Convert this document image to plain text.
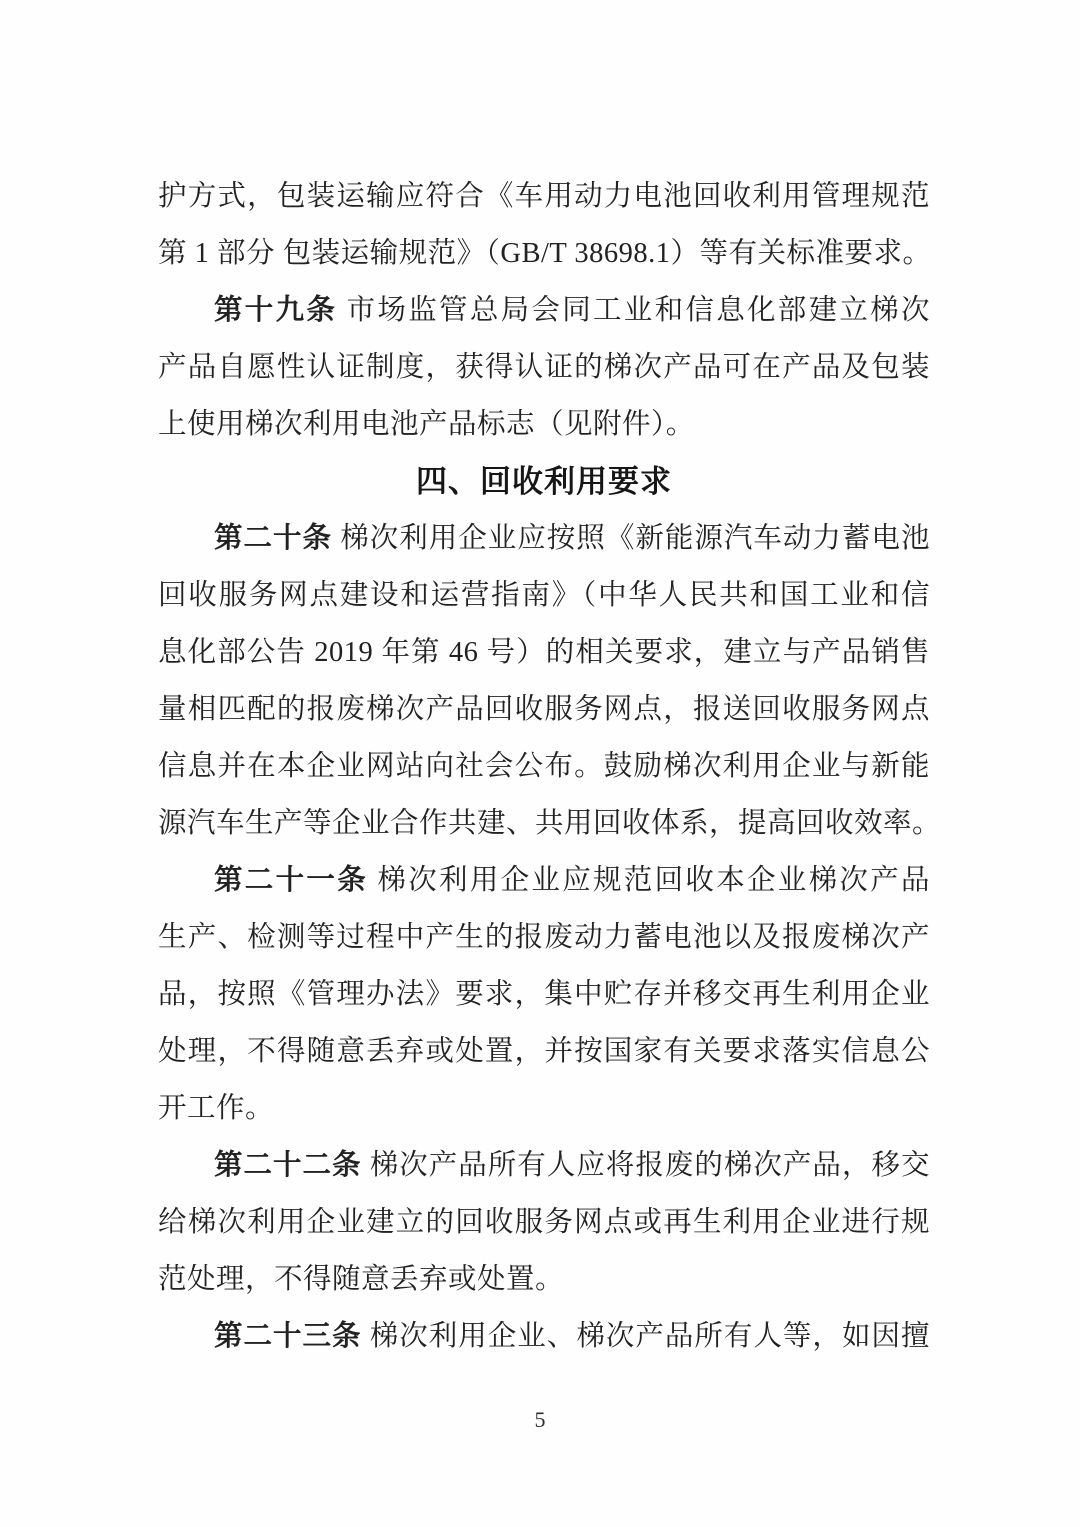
护方式，包装运输应符合《车用动力电池回收利用管理规范
第 1 部分 包装运输规范》（GB/T 38698.1）等有关标准要求。
第十九条 市场监管总局会同工业和信息化部建立梯次
产品自愿性认证制度，获得认证的梯次产品可在产品及包装
上使用梯次利用电池产品标志（见附件）。
四、回收利用要求
第二十条 梯次利用企业应按照《新能源汽车动力蓄电池
回收服务网点建设和运营指南》（中华人民共和国工业和信
息化部公告 2019 年第 46 号）的相关要求，建立与产品销售
量相匹配的报废梯次产品回收服务网点，报送回收服务网点
信息并在本企业网站向社会公布。鼓励梯次利用企业与新能
源汽车生产等企业合作共建、共用回收体系，提高回收效率。
第二十一条 梯次利用企业应规范回收本企业梯次产品
生产、检测等过程中产生的报废动力蓄电池以及报废梯次产
品，按照《管理办法》要求，集中贮存并移交再生利用企业
处理，不得随意丢弃或处置，并按国家有关要求落实信息公
开工作。
第二十二条 梯次产品所有人应将报废的梯次产品，移交
给梯次利用企业建立的回收服务网点或再生利用企业进行规
范处理，不得随意丢弃或处置。
第二十三条 梯次利用企业、梯次产品所有人等，如因擅
5
